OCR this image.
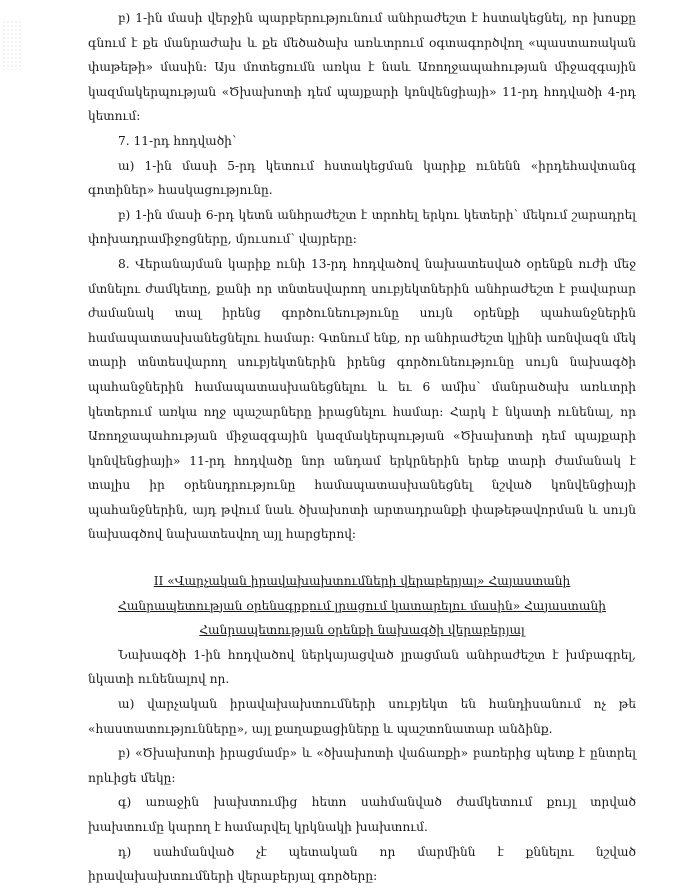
բ) 1-ին մասի վերջին պարբերությունում անհրաժեշտ է հստակեցնել, որ խոսքը գնում է քե մանրաժախ և քե մեծածախ առևտրում օգտագործվող «պաստառական փաթեթի» մասին: Այս մոտեցումն առկա է նաև Առողջապահության միջազգային կազմակերպության «Ծխախոտի դեմ պայքարի կոնվենցիայի» 11-րդ հոդվածի 4-րդ կետում:

7. 11-րդ հոդվածի՝

ա) 1-ին մասի 5-րդ կետում հստակեցման կարիք ունենն «իրդեհավտանգ գոտիներ» հասկացությունը.

բ) 1-ին մասի 6-րդ կետն անհրաժեշտ է տրոհել երկու կետերի՝ մեկում շարադրել փոխադրամիջոցները, մյուսում՝ վայրերը:

8. Վերանայման կարիք ունի 13-րդ հոդվածով նախատեսված օրենքն ուժի մեջ մտնելու ժամկետը, քանի որ տնտեսվարող սուբյեկտներին անհրաժեշտ է բավարար ժամանակ տալ իրենց գործունեությունը սույն օրենքի պահանջներին համապատասխանեցնելու համար: Գտնում ենք, որ անհրաժեշտ կլինի առնվազն մեկ տարի տնտեսվարող սուբյեկտներին իրենց գործունեությունը սույն նախագծի պահանջներին համապատասխանեցնելու և եւ 6 ամիս՝ մանրածախ առևտրի կետերում առկա ողջ պաշարները իրացնելու համար: Հարկ է նկատի ունենալ, որ Առողջապահության միջազգային կազմակերպության «Ծխախոտի դեմ պայքարի կոնվենցիայի» 11-րդ հոդվածը նոր անդամ երկրներին երեք տարի ժամանակ է տալիս իր օրենսդրությունը համապատասխանեցնել նշված կոնվենցիայի պահանջներին, այդ թվում նաև ծխախոտի արտադրանքի փաթեթավորման և սույն նախագծով նախատեսվող այլ հարցերով:

II «Վարչական իրավախախտումների վերաբերյալ» Հայաստանի Հանրապետության օրենսգրքում լրացում կատարելու մասին» Հայաստանի Հանրապետության օրենքի նախագծի վերաբերյալ

Նախագծի 1-ին հոդվածով ներկայացված լրացման անհրաժեշտ է խմբագրել, նկատի ունենալով որ.

ա) վարչական իրավախախտումների սուբյեկտ են հանդիսանում ոչ թե «հաստատությունները», այլ քաղաքացիները և պաշտոնատար անձինք.

բ) «Ծխախոտի իրացմամբ» և «ծխախոտի վաճառքի» բառերից պետք է ընտրել որևիցե մեկը:

գ) առաջին խախտումից հետո սահմանված ժամկետում քույլ տրված խախտումը կարող է համարվել կրկնակի խախտում.

դ) սահմանված չէ պետական որ մարմինն է քննելու նշված իրավախախտումների վերաբերյալ գործերը:
